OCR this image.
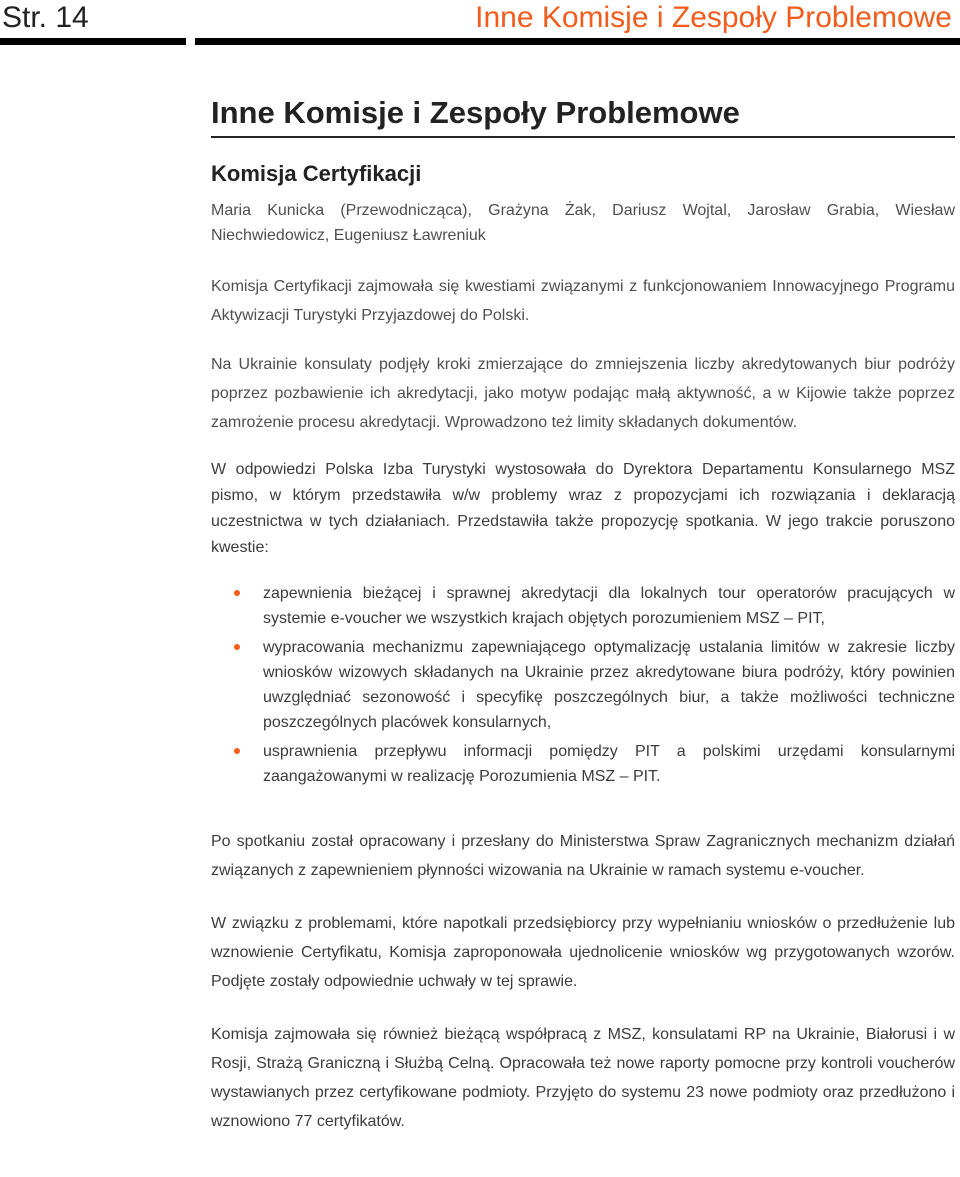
Str. 14	Inne Komisje i Zespoły Problemowe
Inne Komisje i Zespoły Problemowe
Komisja Certyfikacji

Maria Kunicka (Przewodnicząca), Grażyna Żak, Dariusz Wojtal, Jarosław Grabia, Wiesław Niechwiedowicz, Eugeniusz Ławreniuk

Komisja Certyfikacji zajmowała się kwestiami związanymi z funkcjonowaniem Innowacyjnego Programu Aktywizacji Turystyki Przyjazdowej do Polski.

Na Ukrainie konsulaty podjęły kroki zmierzające do zmniejszenia liczby akredytowanych biur podróży poprzez pozbawienie ich akredytacji, jako motyw podając małą aktywność, a w Kijowie także poprzez zamrożenie procesu akredytacji. Wprowadzono też limity składanych dokumentów.

W odpowiedzi Polska Izba Turystyki wystosowała do Dyrektora Departamentu Konsularnego MSZ pismo, w którym przedstawiła w/w problemy wraz z propozycjami ich rozwiązania i deklaracją uczestnictwa w tych działaniach. Przedstawiła także propozycję spotkania. W jego trakcie poruszono kwestie:

zapewnienia bieżącej i sprawnej akredytacji dla lokalnych tour operatorów pracujących w systemie e-voucher we wszystkich krajach objętych porozumieniem MSZ – PIT,
wypracowania mechanizmu zapewniającego optymalizację ustalania limitów w zakresie liczby wniosków wizowych składanych na Ukrainie przez akredytowane biura podróży, który powinien uwzględniać sezonowość i specyfikę poszczególnych biur, a także możliwości techniczne poszczególnych placówek konsularnych,
usprawnienia przepływu informacji pomiędzy PIT a polskimi urzędami konsularnymi zaangażowanymi w realizację Porozumienia MSZ – PIT.

Po spotkaniu został opracowany i przesłany do Ministerstwa Spraw Zagranicznych mechanizm działań związanych z zapewnieniem płynności wizowania na Ukrainie w ramach systemu e-voucher.

W związku z problemami, które napotkali przedsiębiorcy przy wypełnianiu wniosków o przedłużenie lub wznowienie Certyfikatu, Komisja zaproponowała ujednolicenie wniosków wg przygotowanych wzorów. Podjęte zostały odpowiednie uchwały w tej sprawie.

Komisja zajmowała się również bieżącą współpracą z MSZ, konsulatami RP na Ukrainie, Białorusi i w Rosji, Strażą Graniczną i Służbą Celną. Opracowała też nowe raporty pomocne przy kontroli voucherów wystawianych przez certyfikowane podmioty. Przyjęto do systemu 23 nowe podmioty oraz przedłużono i wznowiono 77 certyfikatów.
